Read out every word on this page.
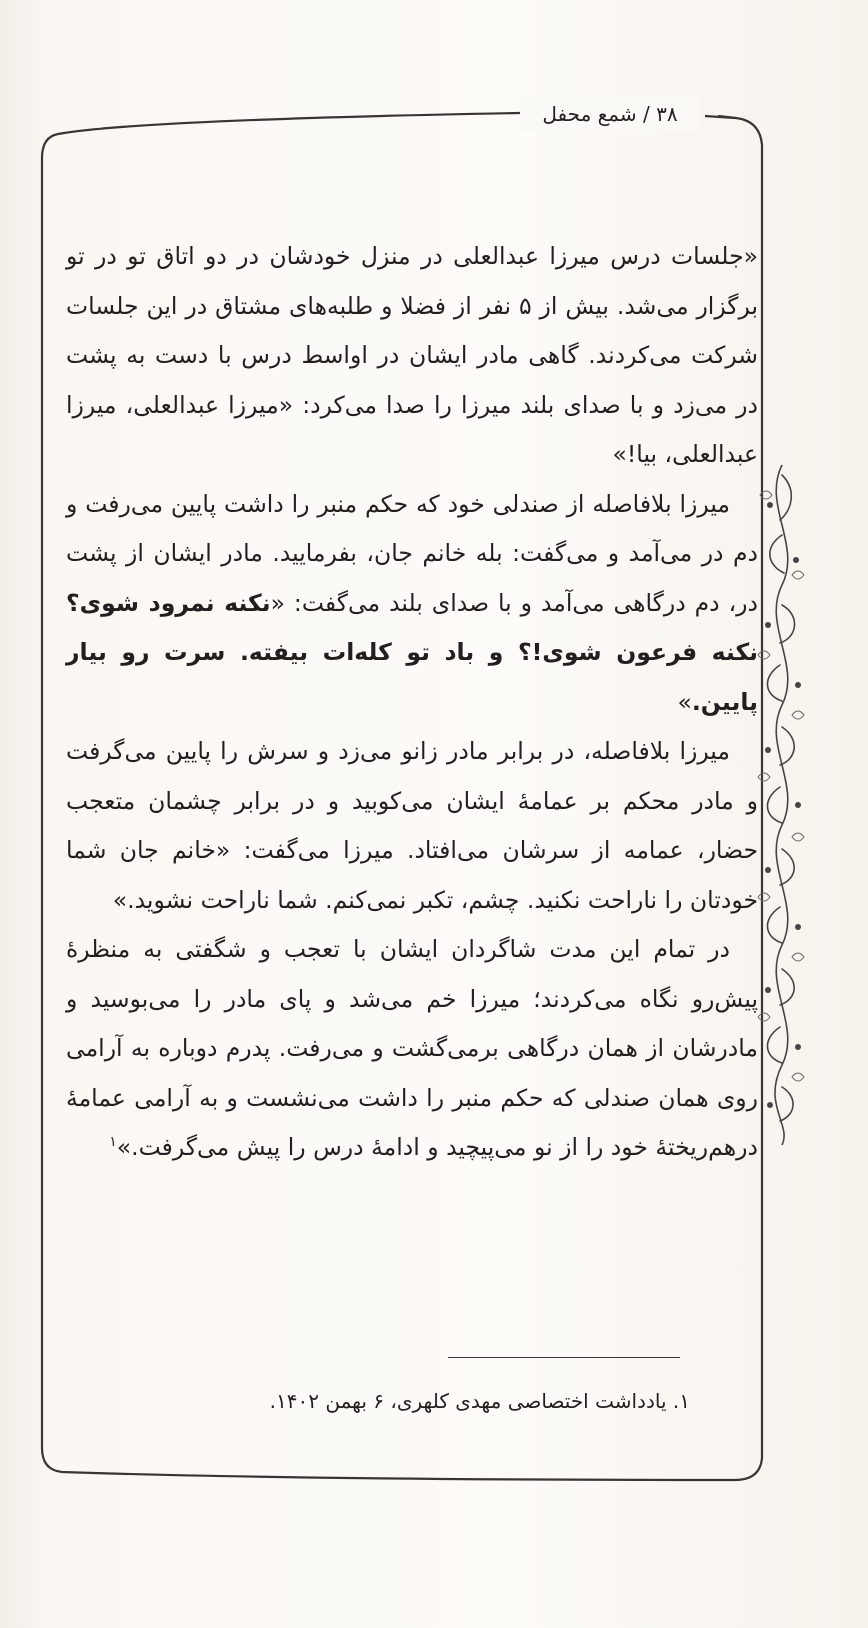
۳۸ / شمع محفل

«جلسات درس میرزا عبدالعلی در منزل خودشان در دو اتاق تو در تو برگزار می‌شد. بیش از ۵ نفر از فضلا و طلبه‌های مشتاق در این جلسات شرکت می‌کردند. گاهی مادر ایشان در اواسط درس با دست به پشت در می‌زد و با صدای بلند میرزا را صدا می‌کرد: «میرزا عبدالعلی، میرزا عبدالعلی، بیا!»

میرزا بلافاصله از صندلی خود که حکم منبر را داشت پایین می‌رفت و دم در می‌آمد و می‌گفت: بله خانم جان، بفرمایید. مادر ایشان از پشت در، دم درگاهی می‌آمد و با صدای بلند می‌گفت: «نکنه نمرود شوی؟ نکنه فرعون شوی!؟ و باد تو کله‌ات بیفته. سرت رو بیار پایین.»

میرزا بلافاصله، در برابر مادر زانو می‌زد و سرش را پایین می‌گرفت و مادر محکم بر عمامهٔ ایشان می‌کوبید و در برابر چشمان متعجب حضار، عمامه از سرشان می‌افتاد. میرزا می‌گفت: «خانم جان شما خودتان را ناراحت نکنید. چشم، تکبر نمی‌کنم. شما ناراحت نشوید.»

در تمام این مدت شاگردان ایشان با تعجب و شگفتی به منظرهٔ پیش‌رو نگاه می‌کردند؛ میرزا خم می‌شد و پای مادر را می‌بوسید و مادرشان از همان درگاهی برمی‌گشت و می‌رفت. پدرم دوباره به آرامی روی همان صندلی که حکم منبر را داشت می‌نشست و به آرامی عمامهٔ درهم‌ریختهٔ خود را از نو می‌پیچید و ادامهٔ درس را پیش می‌گرفت.»$^۱$

۱. یادداشت اختصاصی مهدی کلهری، ۶ بهمن ۱۴۰۲.
